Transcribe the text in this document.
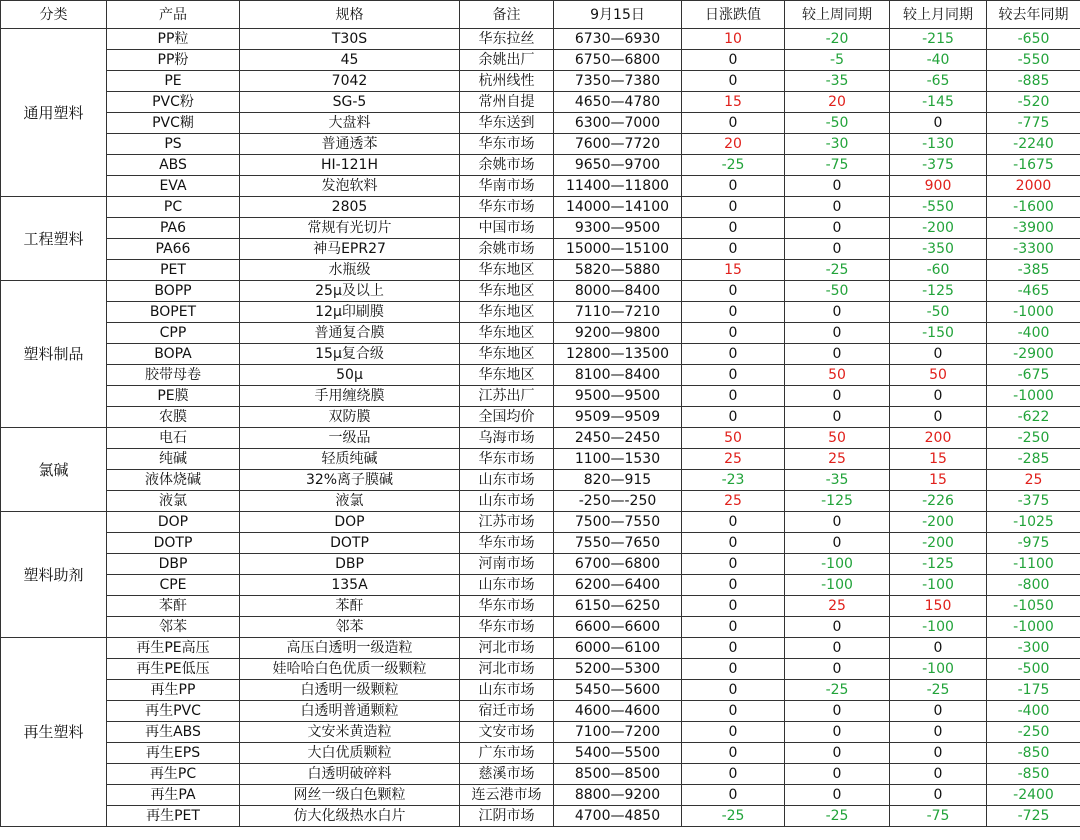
分类	产品	规格	备注	9月15日	日涨跌值	较上周同期	较上月同期	较去年同期
通用塑料	PP粒	T30S	华东拉丝	6730—6930	10	-20	-215	-650
	PP粉	45	余姚出厂	6750—6800	0	-5	-40	-550
	PE	7042	杭州线性	7350—7380	0	-35	-65	-885
	PVC粉	SG-5	常州自提	4650—4780	15	20	-145	-520
	PVC糊	大盘料	华东送到	6300—7000	0	-50	0	-775
	PS	普通透苯	华东市场	7600—7720	20	-30	-130	-2240
	ABS	HI-121H	余姚市场	9650—9700	-25	-75	-375	-1675
	EVA	发泡软料	华南市场	11400—11800	0	0	900	2000
工程塑料	PC	2805	华东市场	14000—14100	0	0	-550	-1600
	PA6	常规有光切片	中国市场	9300—9500	0	0	-200	-3900
	PA66	神马EPR27	余姚市场	15000—15100	0	0	-350	-3300
	PET	水瓶级	华东地区	5820—5880	15	-25	-60	-385
塑料制品	BOPP	25μ及以上	华东地区	8000—8400	0	-50	-125	-465
	BOPET	12μ印刷膜	华东地区	7110—7210	0	0	-50	-1000
	CPP	普通复合膜	华东地区	9200—9800	0	0	-150	-400
	BOPA	15μ复合级	华东地区	12800—13500	0	0	0	-2900
	胶带母卷	50μ	华东地区	8100—8400	0	50	50	-675
	PE膜	手用缠绕膜	江苏出厂	9500—9500	0	0	0	-1000
	农膜	双防膜	全国均价	9509—9509	0	0	0	-622
氯碱	电石	一级品	乌海市场	2450—2450	50	50	200	-250
	纯碱	轻质纯碱	华东市场	1100—1530	25	25	15	-285
	液体烧碱	32%离子膜碱	山东市场	820—915	-23	-35	15	25
	液氯	液氯	山东市场	-250—-250	25	-125	-226	-375
塑料助剂	DOP	DOP	江苏市场	7500—7550	0	0	-200	-1025
	DOTP	DOTP	华东市场	7550—7650	0	0	-200	-975
	DBP	DBP	河南市场	6700—6800	0	-100	-125	-1100
	CPE	135A	山东市场	6200—6400	0	-100	-100	-800
	苯酐	苯酐	华东市场	6150—6250	0	25	150	-1050
	邻苯	邻苯	华东市场	6600—6600	0	0	-100	-1000
再生塑料	再生PE高压	高压白透明一级造粒	河北市场	6000—6100	0	0	0	-300
	再生PE低压	娃哈哈白色优质一级颗粒	河北市场	5200—5300	0	0	-100	-500
	再生PP	白透明一级颗粒	山东市场	5450—5600	0	-25	-25	-175
	再生PVC	白透明普通颗粒	宿迁市场	4600—4600	0	0	0	-400
	再生ABS	文安米黄造粒	文安市场	7100—7200	0	0	0	-250
	再生EPS	大白优质颗粒	广东市场	5400—5500	0	0	0	-850
	再生PC	白透明破碎料	慈溪市场	8500—8500	0	0	0	-850
	再生PA	网丝一级白色颗粒	连云港市场	8800—9200	0	0	0	-2400
	再生PET	仿大化级热水白片	江阴市场	4700—4850	-25	-25	-75	-725
